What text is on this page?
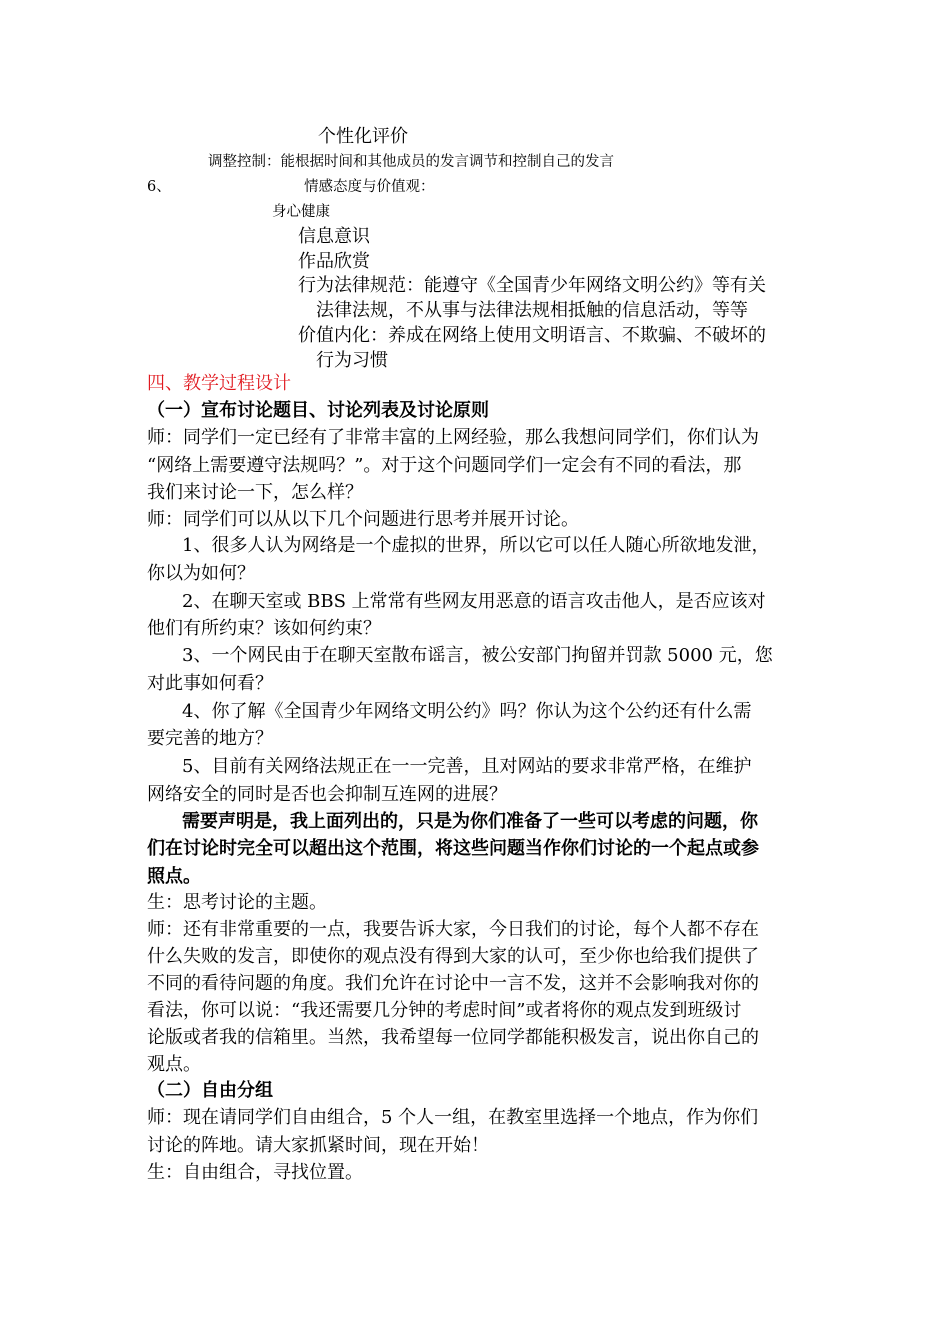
个性化评价
调整控制：能根据时间和其他成员的发言调节和控制自己的发言
6、	情感态度与价值观：
身心健康
信息意识
作品欣赏
行为法律规范：能遵守《全国青少年网络文明公约》等有关
法律法规，不从事与法律法规相抵触的信息活动，等等
价值内化：养成在网络上使用文明语言、不欺骗、不破坏的
行为习惯
四、教学过程设计
（一）宣布讨论题目、讨论列表及讨论原则
师：同学们一定已经有了非常丰富的上网经验，那么我想问同学们，你们认为
“网络上需要遵守法规吗？”。对于这个问题同学们一定会有不同的看法，那
我们来讨论一下，怎么样？
师：同学们可以从以下几个问题进行思考并展开讨论。
1、很多人认为网络是一个虚拟的世界，所以它可以任人随心所欲地发泄，
你以为如何？
2、在聊天室或 BBS 上常常有些网友用恶意的语言攻击他人，是否应该对
他们有所约束？该如何约束？
3、一个网民由于在聊天室散布谣言，被公安部门拘留并罚款 5000 元，您
对此事如何看？
4、你了解《全国青少年网络文明公约》吗？你认为这个公约还有什么需
要完善的地方？
5、目前有关网络法规正在一一完善，且对网站的要求非常严格，在维护
网络安全的同时是否也会抑制互连网的进展？
需要声明是，我上面列出的，只是为你们准备了一些可以考虑的问题，你
们在讨论时完全可以超出这个范围，将这些问题当作你们讨论的一个起点或参
照点。
生：思考讨论的主题。
师：还有非常重要的一点，我要告诉大家，今日我们的讨论，每个人都不存在
什么失败的发言，即使你的观点没有得到大家的认可，至少你也给我们提供了
不同的看待问题的角度。我们允许在讨论中一言不发，这并不会影响我对你的
看法，你可以说：“我还需要几分钟的考虑时间”或者将你的观点发到班级讨
论版或者我的信箱里。当然，我希望每一位同学都能积极发言，说出你自己的
观点。
（二）自由分组
师：现在请同学们自由组合，5 个人一组，在教室里选择一个地点，作为你们
讨论的阵地。请大家抓紧时间，现在开始！
生：自由组合，寻找位置。
